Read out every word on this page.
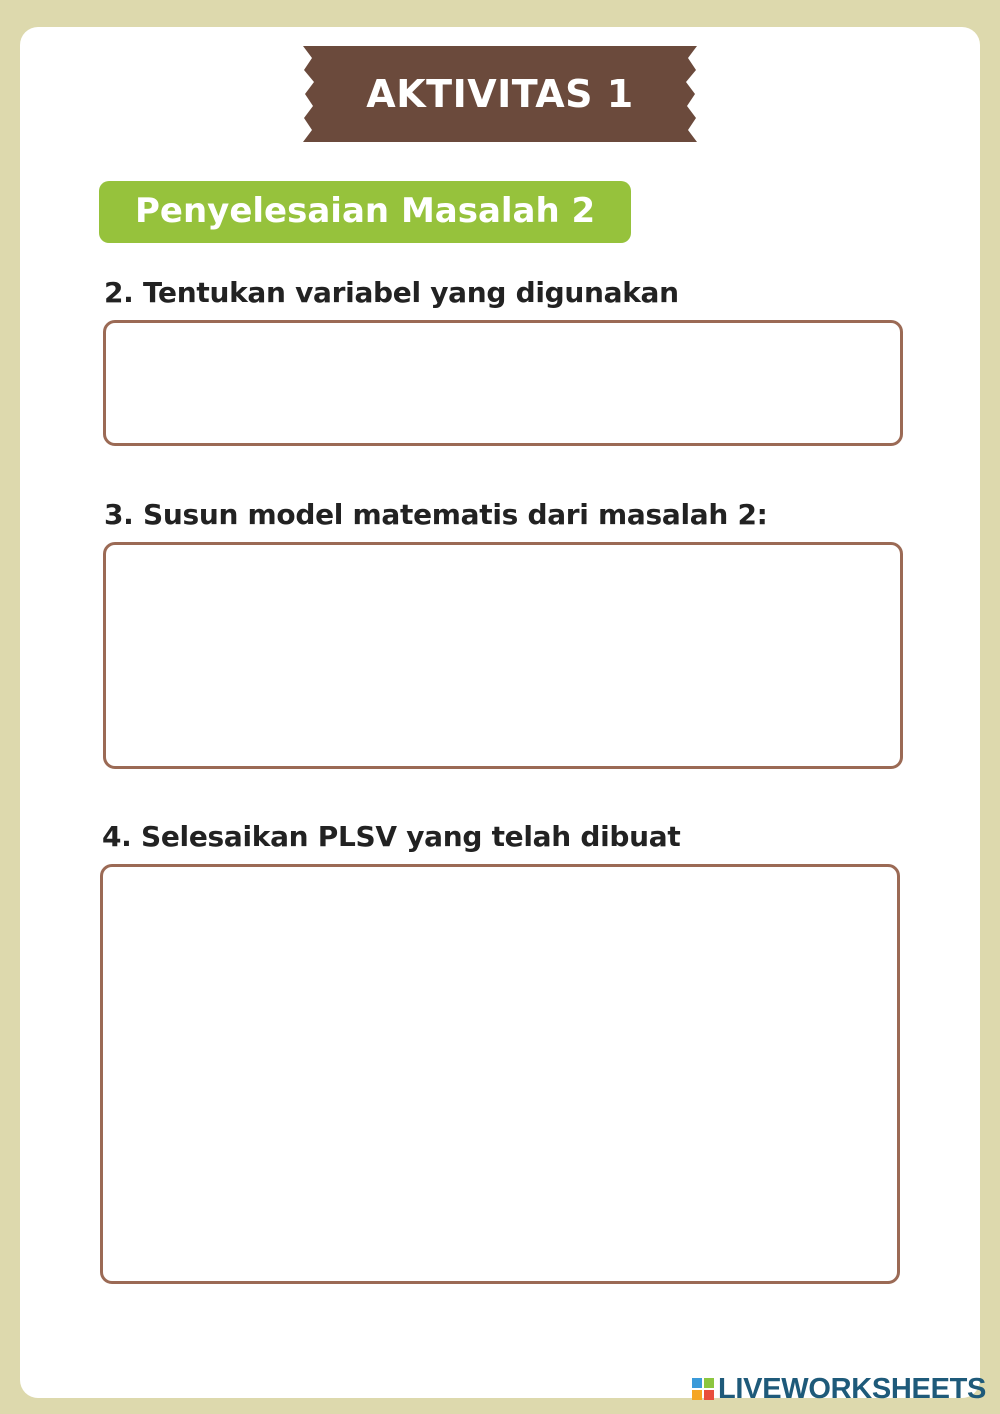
AKTIVITAS 1
Penyelesaian Masalah 2
2. Tentukan variabel yang digunakan
3. Susun model matematis dari masalah 2:
4. Selesaikan PLSV yang telah dibuat
LIVEWORKSHEETS
